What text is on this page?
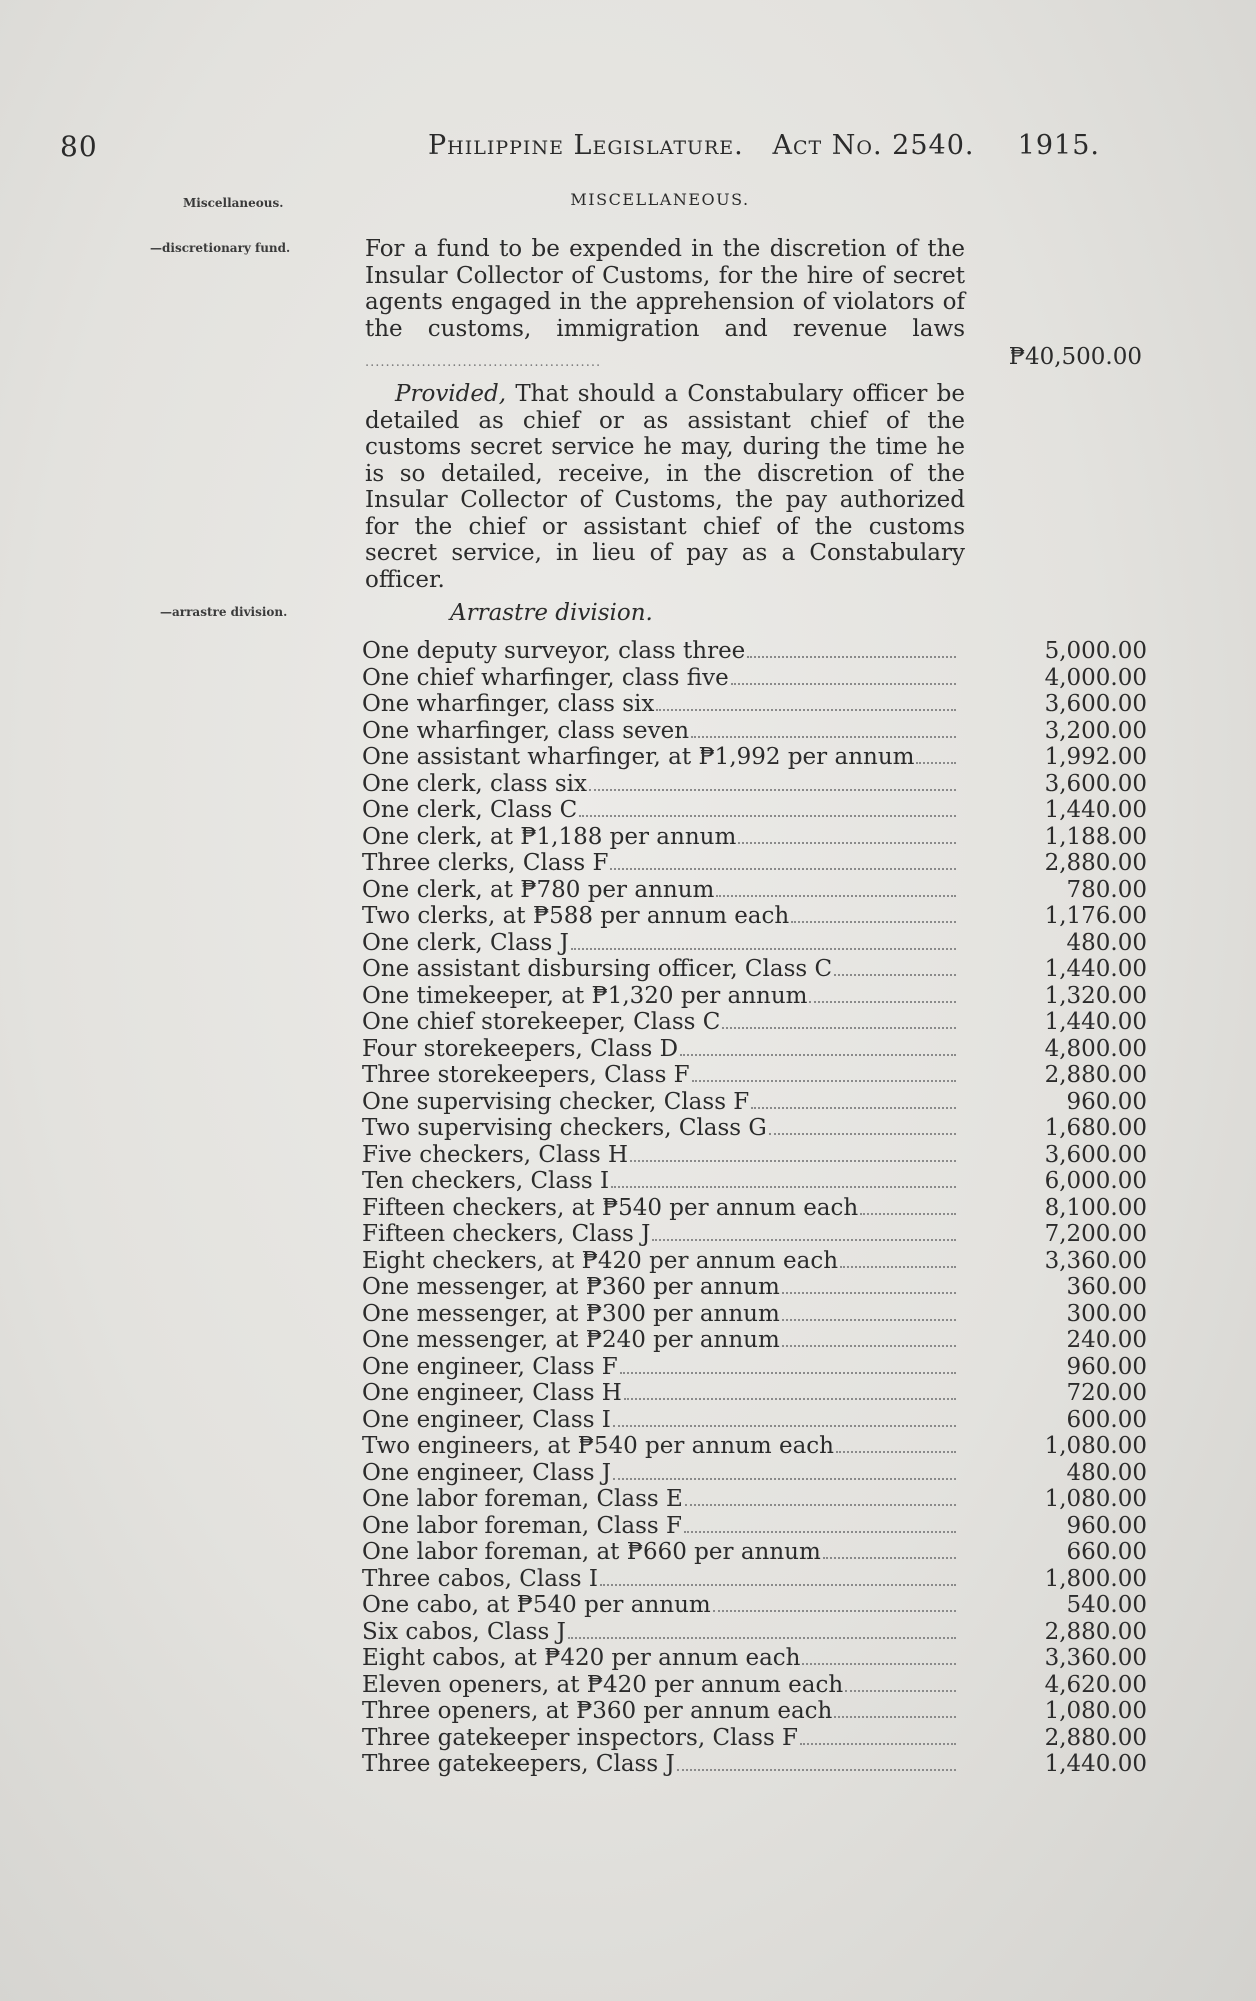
80	Philippine Legislature.   Act No. 2540. 1915.
Miscellaneous.	MISCELLANEOUS.
—discretionary fund.	For a fund to be expended in the discretion of the Insular Collector of Customs, for the hire of secret agents engaged in the apprehension of violators of the customs, immigration and revenue laws ..............................................	₱40,500.00
Provided, That should a Constabulary officer be detailed as chief or as assistant chief of the customs secret service he may, during the time he is so detailed, receive, in the discretion of the Insular Collector of Customs, the pay authorized for the chief or assistant chief of the customs secret service, in lieu of pay as a Constabulary officer.
—arrastre division.	Arrastre division.
One deputy surveyor, class three	5,000.00
One chief wharfinger, class five	4,000.00
One wharfinger, class six	3,600.00
One wharfinger, class seven	3,200.00
One assistant wharfinger, at ₱1,992 per annum	1,992.00
One clerk, class six	3,600.00
One clerk, Class C	1,440.00
One clerk, at ₱1,188 per annum	1,188.00
Three clerks, Class F	2,880.00
One clerk, at ₱780 per annum	780.00
Two clerks, at ₱588 per annum each	1,176.00
One clerk, Class J	480.00
One assistant disbursing officer, Class C	1,440.00
One timekeeper, at ₱1,320 per annum	1,320.00
One chief storekeeper, Class C	1,440.00
Four storekeepers, Class D	4,800.00
Three storekeepers, Class F	2,880.00
One supervising checker, Class F	960.00
Two supervising checkers, Class G	1,680.00
Five checkers, Class H	3,600.00
Ten checkers, Class I	6,000.00
Fifteen checkers, at ₱540 per annum each	8,100.00
Fifteen checkers, Class J	7,200.00
Eight checkers, at ₱420 per annum each	3,360.00
One messenger, at ₱360 per annum	360.00
One messenger, at ₱300 per annum	300.00
One messenger, at ₱240 per annum	240.00
One engineer, Class F	960.00
One engineer, Class H	720.00
One engineer, Class I	600.00
Two engineers, at ₱540 per annum each	1,080.00
One engineer, Class J	480.00
One labor foreman, Class E	1,080.00
One labor foreman, Class F	960.00
One labor foreman, at ₱660 per annum	660.00
Three cabos, Class I	1,800.00
One cabo, at ₱540 per annum	540.00
Six cabos, Class J	2,880.00
Eight cabos, at ₱420 per annum each	3,360.00
Eleven openers, at ₱420 per annum each	4,620.00
Three openers, at ₱360 per annum each	1,080.00
Three gatekeeper inspectors, Class F	2,880.00
Three gatekeepers, Class J	1,440.00
